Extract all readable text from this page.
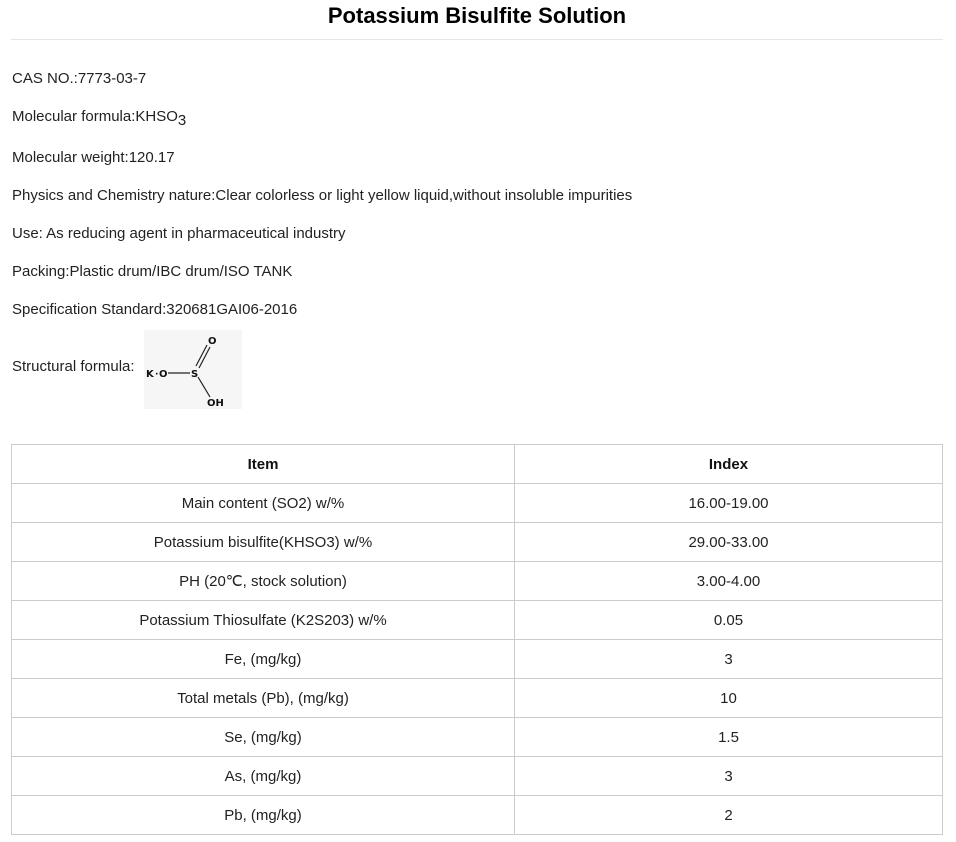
Potassium Bisulfite Solution
CAS NO.:7773-03-7
Molecular $formula:KHSO_3$
Molecular weight:120.17
Physics and Chemistry nature:Clear colorless or light yellow liquid,without insoluble impurities
Use: As reducing agent in pharmaceutical industry
Packing:Plastic drum/IBC drum/ISO TANK
Specification Standard:320681GAI06-2016
Structural formula: K · O S
O
OH
Item	Index
Main content (SO2) w/%	16.00-19.00
Potassium bisulfite(KHSO3) w/%	29.00-33.00
PH (20℃, stock solution)	3.00-4.00
Potassium Thiosulfate (K2S203) w/%	0.05
Fe, (mg/kg)	3
Total metals (Pb), (mg/kg)	10
Se, (mg/kg)	1.5
As, (mg/kg)	3
Pb, (mg/kg)	2
